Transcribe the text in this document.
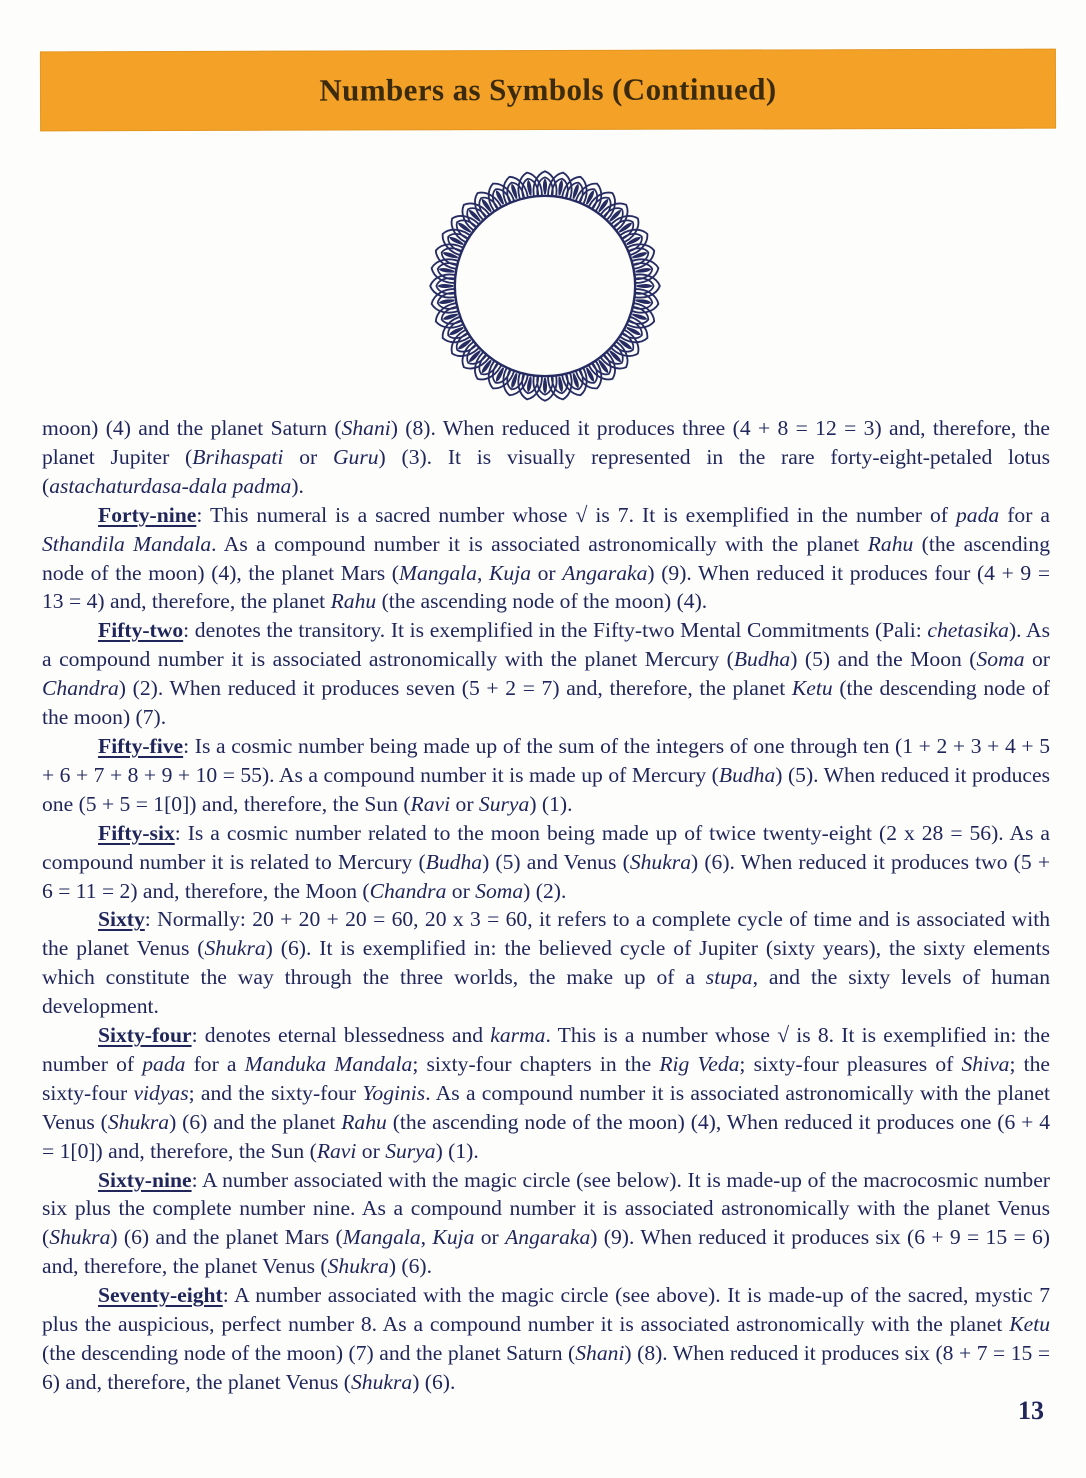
Numbers as Symbols (Continued)

moon) (4) and the planet Saturn (Shani) (8). When reduced it produces three (4 + 8 = 12 = 3) and, therefore, the planet Jupiter (Brihaspati or Guru) (3). It is visually represented in the rare forty-eight-petaled lotus (astachaturdasa-dala padma).

Forty-nine: This numeral is a sacred number whose √ is 7. It is exemplified in the number of pada for a Sthandila Mandala. As a compound number it is associated astronomically with the planet Rahu (the ascending node of the moon) (4), the planet Mars (Mangala, Kuja or Angaraka) (9). When reduced it produces four (4 + 9 = 13 = 4) and, therefore, the planet Rahu (the ascending node of the moon) (4).

Fifty-two: denotes the transitory. It is exemplified in the Fifty-two Mental Commitments (Pali: chetasika). As a compound number it is associated astronomically with the planet Mercury (Budha) (5) and the Moon (Soma or Chandra) (2). When reduced it produces seven (5 + 2 = 7) and, therefore, the planet Ketu (the descending node of the moon) (7).

Fifty-five: Is a cosmic number being made up of the sum of the integers of one through ten (1 + 2 + 3 + 4 + 5 + 6 + 7 + 8 + 9 + 10 = 55). As a compound number it is made up of Mercury (Budha) (5). When reduced it produces one (5 + 5 = 1[0]) and, therefore, the Sun (Ravi or Surya) (1).

Fifty-six: Is a cosmic number related to the moon being made up of twice twenty-eight (2 x 28 = 56). As a compound number it is related to Mercury (Budha) (5) and Venus (Shukra) (6). When reduced it produces two (5 + 6 = 11 = 2) and, therefore, the Moon (Chandra or Soma) (2).

Sixty: Normally: 20 + 20 + 20 = 60, 20 x 3 = 60, it refers to a complete cycle of time and is associated with the planet Venus (Shukra) (6). It is exemplified in: the believed cycle of Jupiter (sixty years), the sixty elements which constitute the way through the three worlds, the make up of a stupa, and the sixty levels of human development.

Sixty-four: denotes eternal blessedness and karma. This is a number whose √ is 8. It is exemplified in: the number of pada for a Manduka Mandala; sixty-four chapters in the Rig Veda; sixty-four pleasures of Shiva; the sixty-four vidyas; and the sixty-four Yoginis. As a compound number it is associated astronomically with the planet Venus (Shukra) (6) and the planet Rahu (the ascending node of the moon) (4), When reduced it produces one (6 + 4 = 1[0]) and, therefore, the Sun (Ravi or Surya) (1).

Sixty-nine: A number associated with the magic circle (see below). It is made-up of the macrocosmic number six plus the complete number nine. As a compound number it is associated astronomically with the planet Venus (Shukra) (6) and the planet Mars (Mangala, Kuja or Angaraka) (9). When reduced it produces six (6 + 9 = 15 = 6) and, therefore, the planet Venus (Shukra) (6).

Seventy-eight: A number associated with the magic circle (see above). It is made-up of the sacred, mystic 7 plus the auspicious, perfect number 8. As a compound number it is associated astronomically with the planet Ketu (the descending node of the moon) (7) and the planet Saturn (Shani) (8). When reduced it produces six (8 + 7 = 15 = 6) and, therefore, the planet Venus (Shukra) (6).

13
